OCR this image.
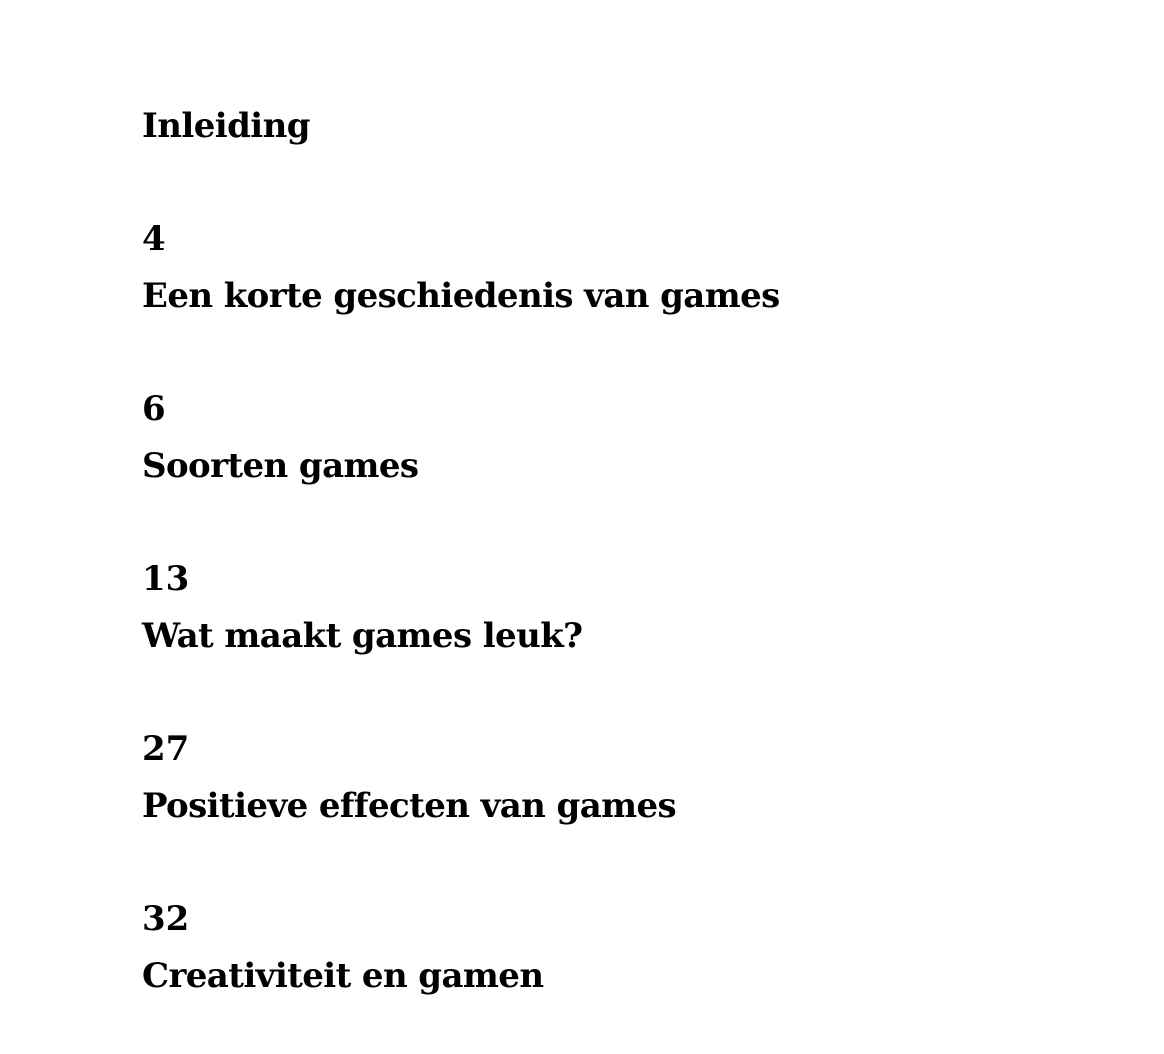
Inleiding
4
Een korte geschiedenis van games
6
Soorten games
13
Wat maakt games leuk?
27
Positieve effecten van games
32
Creativiteit en gamen
